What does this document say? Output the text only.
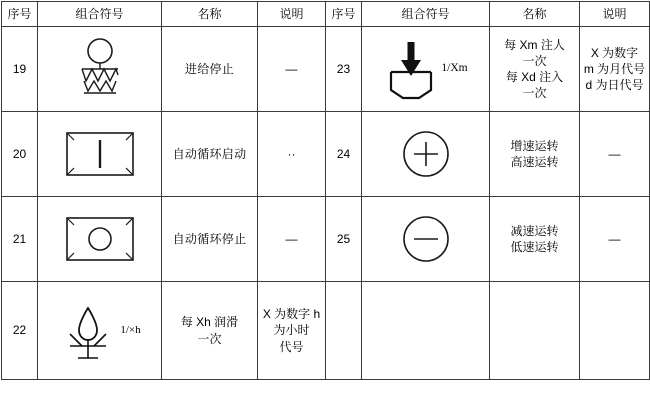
序号	组合符号	名称	说明	序号	组合符号	名称	说明
19		进给停止	—	23	1/Xm	每 Xm 注人
一次
每 Xd 注入
一次	X 为数字
m 为月代号
d 为日代号

20		自动循环启动	··	24		增速运转
高速运转	—
21		自动循环停止	—	25		减速运转
低速运转	—
22	1/×h	每 Xh 润滑
一次	X 为数字 h
为小时
代号				
